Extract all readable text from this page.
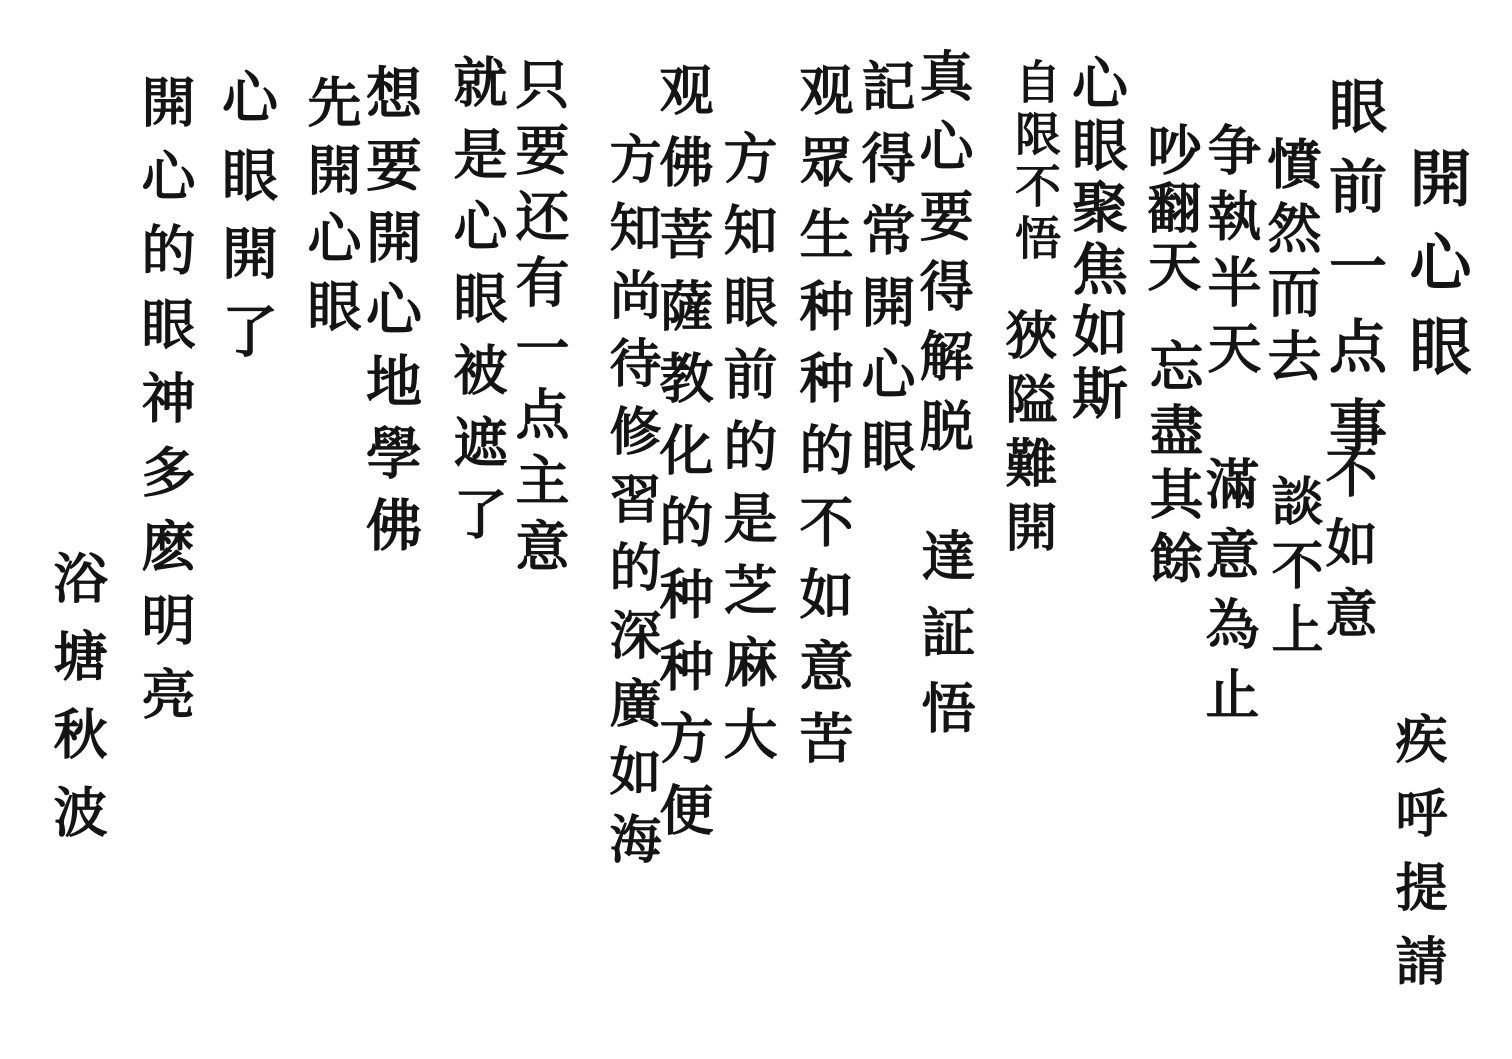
開心眼
眼前一点事
不如意
憤然而去
談不上
争執半天
滿意為止
吵翻天
忘盡其餘
心眼聚焦如斯
自限不悟
狹隘難開
真心要得解脱
達証悟
記得常開心眼
观眾生种种的不如意苦
方知眼前的是芝麻大
观佛菩薩教化的种种方便
方知尚待修習的深廣如海
只要还有一点主意
就是心眼被遮了
想要開心地學佛
先開心眼
心眼開了
開心的眼神多麽明亮
疾呼提請
浴塘秋波
